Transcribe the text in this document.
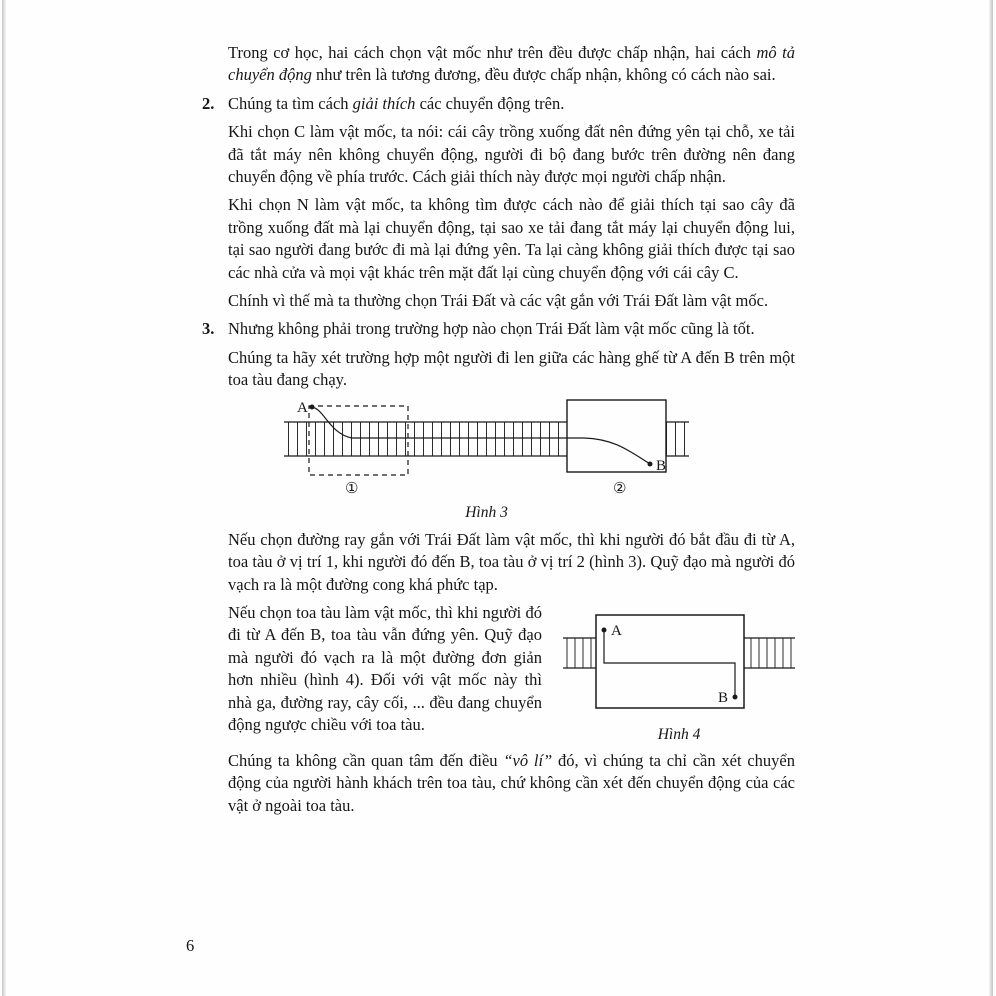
Trong cơ học, hai cách chọn vật mốc như trên đều được chấp nhận, hai cách mô tả chuyển động như trên là tương đương, đều được chấp nhận, không có cách nào sai.

2. Chúng ta tìm cách giải thích các chuyển động trên.

Khi chọn C làm vật mốc, ta nói: cái cây trồng xuống đất nên đứng yên tại chỗ, xe tải đã tắt máy nên không chuyển động, người đi bộ đang bước trên đường nên đang chuyển động về phía trước. Cách giải thích này được mọi người chấp nhận.

Khi chọn N làm vật mốc, ta không tìm được cách nào để giải thích tại sao cây đã trồng xuống đất mà lại chuyển động, tại sao xe tải đang tắt máy lại chuyển động lui, tại sao người đang bước đi mà lại đứng yên. Ta lại càng không giải thích được tại sao các nhà cửa và mọi vật khác trên mặt đất lại cùng chuyển động với cái cây C.

Chính vì thế mà ta thường chọn Trái Đất và các vật gắn với Trái Đất làm vật mốc.

3. Nhưng không phải trong trường hợp nào chọn Trái Đất làm vật mốc cũng là tốt.

Chúng ta hãy xét trường hợp một người đi len giữa các hàng ghế từ A đến B trên một toa tàu đang chạy.

A
B
①	②
Hình 3

Nếu chọn đường ray gắn với Trái Đất làm vật mốc, thì khi người đó bắt đầu đi từ A, toa tàu ở vị trí 1, khi người đó đến B, toa tàu ở vị trí 2 (hình 3). Quỹ đạo mà người đó vạch ra là một đường cong khá phức tạp.

Nếu chọn toa tàu làm vật mốc, thì khi người đó đi từ A đến B, toa tàu vẫn đứng yên. Quỹ đạo mà người đó vạch ra là một đường đơn giản hơn nhiều (hình 4). Đối với vật mốc này thì nhà ga, đường ray, cây cối, ... đều đang chuyển động ngược chiều với toa tàu.

A
B
Hình 4

Chúng ta không cần quan tâm đến điều “vô lí” đó, vì chúng ta chỉ cần xét chuyển động của người hành khách trên toa tàu, chứ không cần xét đến chuyển động của các vật ở ngoài toa tàu.

6
